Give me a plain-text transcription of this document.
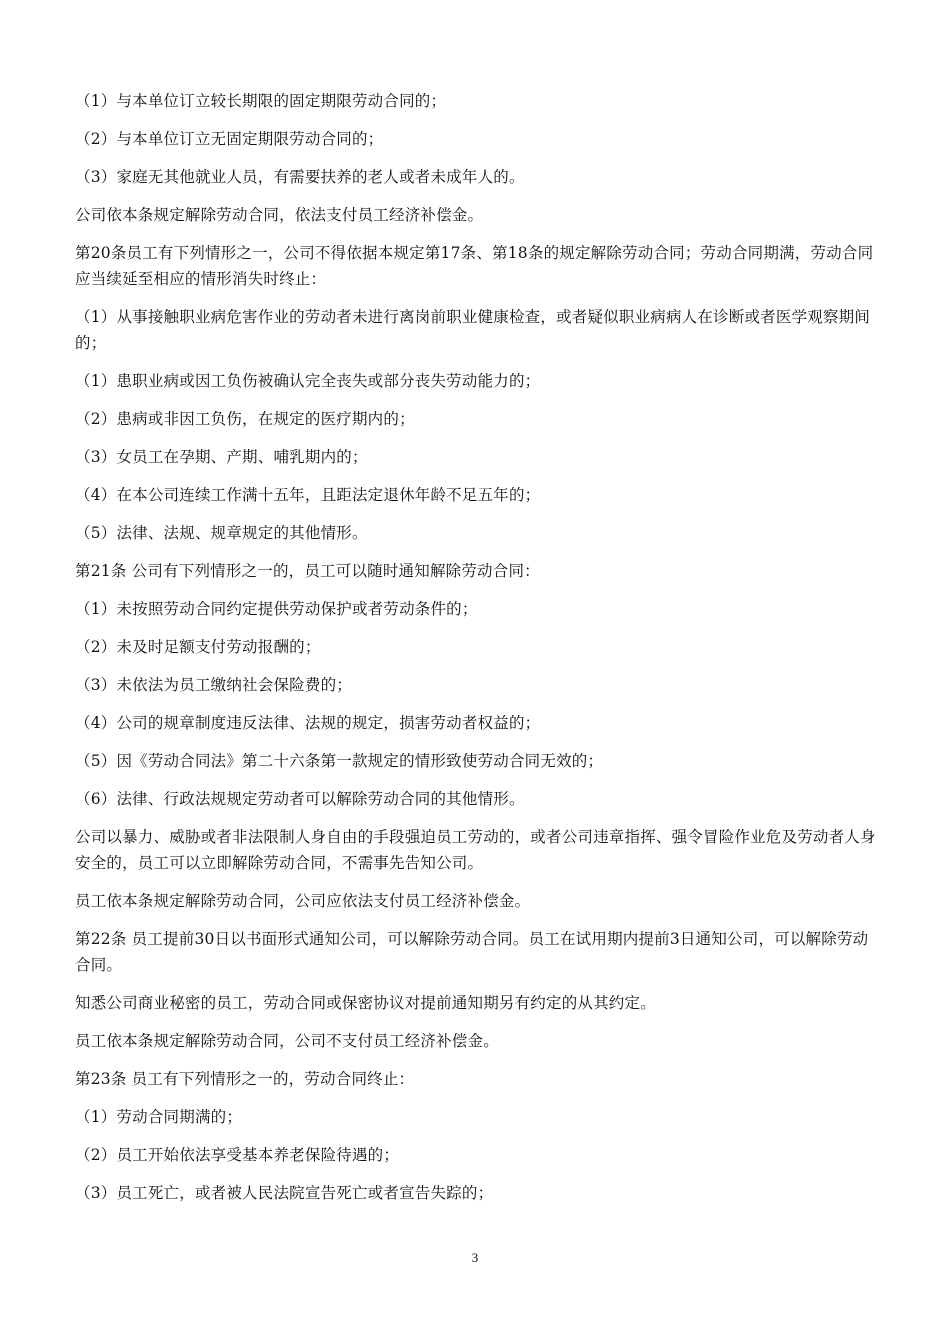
（1）与本单位订立较长期限的固定期限劳动合同的；

（2）与本单位订立无固定期限劳动合同的；

（3）家庭无其他就业人员，有需要扶养的老人或者未成年人的。

公司依本条规定解除劳动合同，依法支付员工经济补偿金。

第20条员工有下列情形之一，公司不得依据本规定第17条、第18条的规定解除劳动合同；劳动合同期满，劳动合同应当续延至相应的情形消失时终止：

（1）从事接触职业病危害作业的劳动者未进行离岗前职业健康检查，或者疑似职业病病人在诊断或者医学观察期间的；

（1）患职业病或因工负伤被确认完全丧失或部分丧失劳动能力的；

（2）患病或非因工负伤，在规定的医疗期内的；

（3）女员工在孕期、产期、哺乳期内的；

（4）在本公司连续工作满十五年，且距法定退休年龄不足五年的；

（5）法律、法规、规章规定的其他情形。

第21条 公司有下列情形之一的，员工可以随时通知解除劳动合同：

（1）未按照劳动合同约定提供劳动保护或者劳动条件的；

（2）未及时足额支付劳动报酬的；

（3）未依法为员工缴纳社会保险费的；

（4）公司的规章制度违反法律、法规的规定，损害劳动者权益的；

（5）因《劳动合同法》第二十六条第一款规定的情形致使劳动合同无效的；

（6）法律、行政法规规定劳动者可以解除劳动合同的其他情形。

公司以暴力、威胁或者非法限制人身自由的手段强迫员工劳动的，或者公司违章指挥、强令冒险作业危及劳动者人身安全的，员工可以立即解除劳动合同，不需事先告知公司。

员工依本条规定解除劳动合同，公司应依法支付员工经济补偿金。

第22条 员工提前30日以书面形式通知公司，可以解除劳动合同。员工在试用期内提前3日通知公司，可以解除劳动合同。

知悉公司商业秘密的员工，劳动合同或保密协议对提前通知期另有约定的从其约定。

员工依本条规定解除劳动合同，公司不支付员工经济补偿金。

第23条 员工有下列情形之一的，劳动合同终止：

（1）劳动合同期满的；

（2）员工开始依法享受基本养老保险待遇的；

（3）员工死亡，或者被人民法院宣告死亡或者宣告失踪的；

3
